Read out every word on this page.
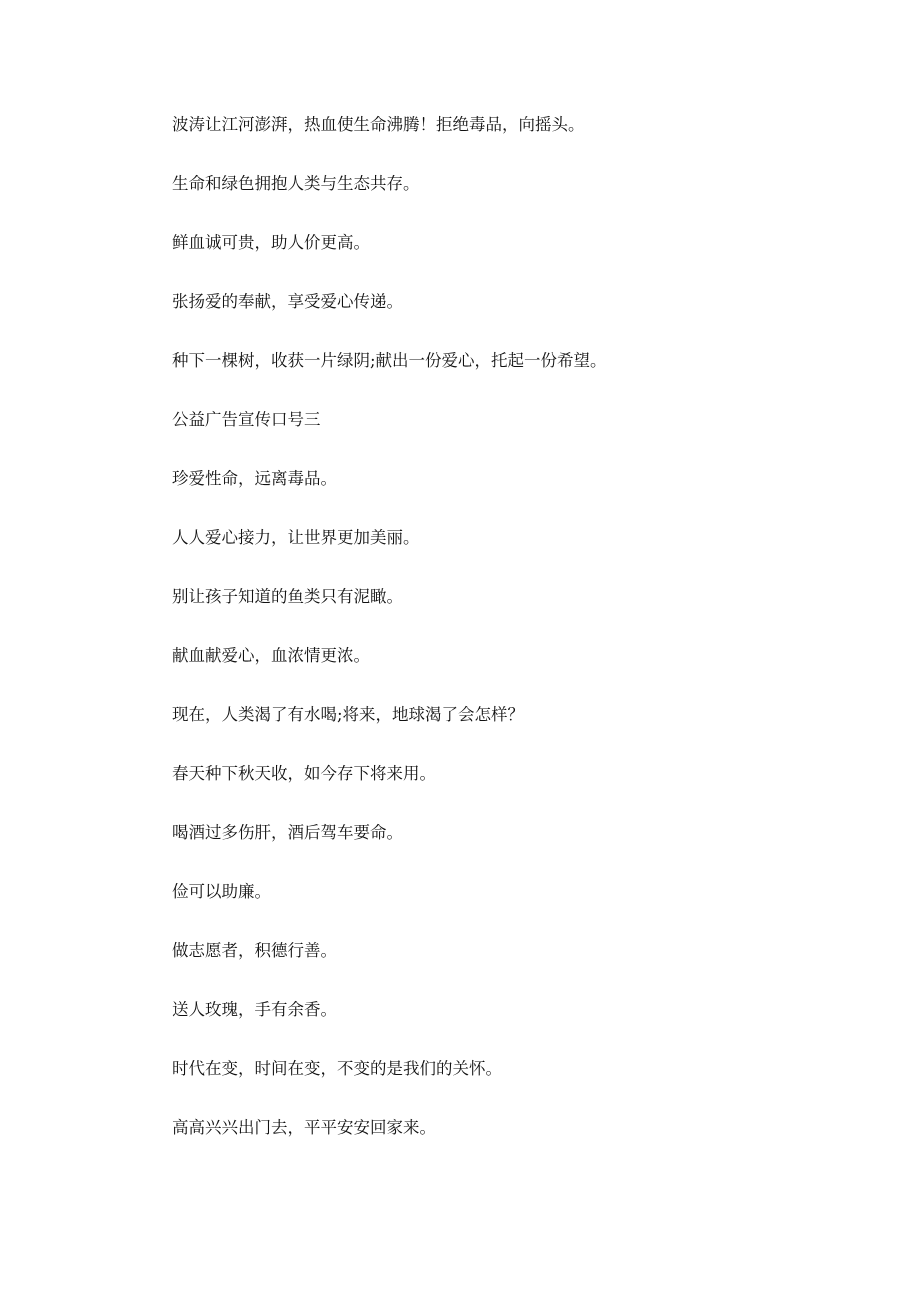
波涛让江河澎湃，热血使生命沸腾！拒绝毒品，向摇头。
生命和绿色拥抱人类与生态共存。
鲜血诚可贵，助人价更高。
张扬爱的奉献，享受爱心传递。
种下一棵树，收获一片绿阴;献出一份爱心，托起一份希望。
公益广告宣传口号三
珍爱性命，远离毒品。
人人爱心接力，让世界更加美丽。
别让孩子知道的鱼类只有泥瞰。
献血献爱心，血浓情更浓。
现在，人类渴了有水喝;将来，地球渴了会怎样？
春天种下秋天收，如今存下将来用。
喝酒过多伤肝，酒后驾车要命。
俭可以助廉。
做志愿者，积德行善。
送人玫瑰，手有余香。
时代在变，时间在变，不变的是我们的关怀。
高高兴兴出门去，平平安安回家来。
